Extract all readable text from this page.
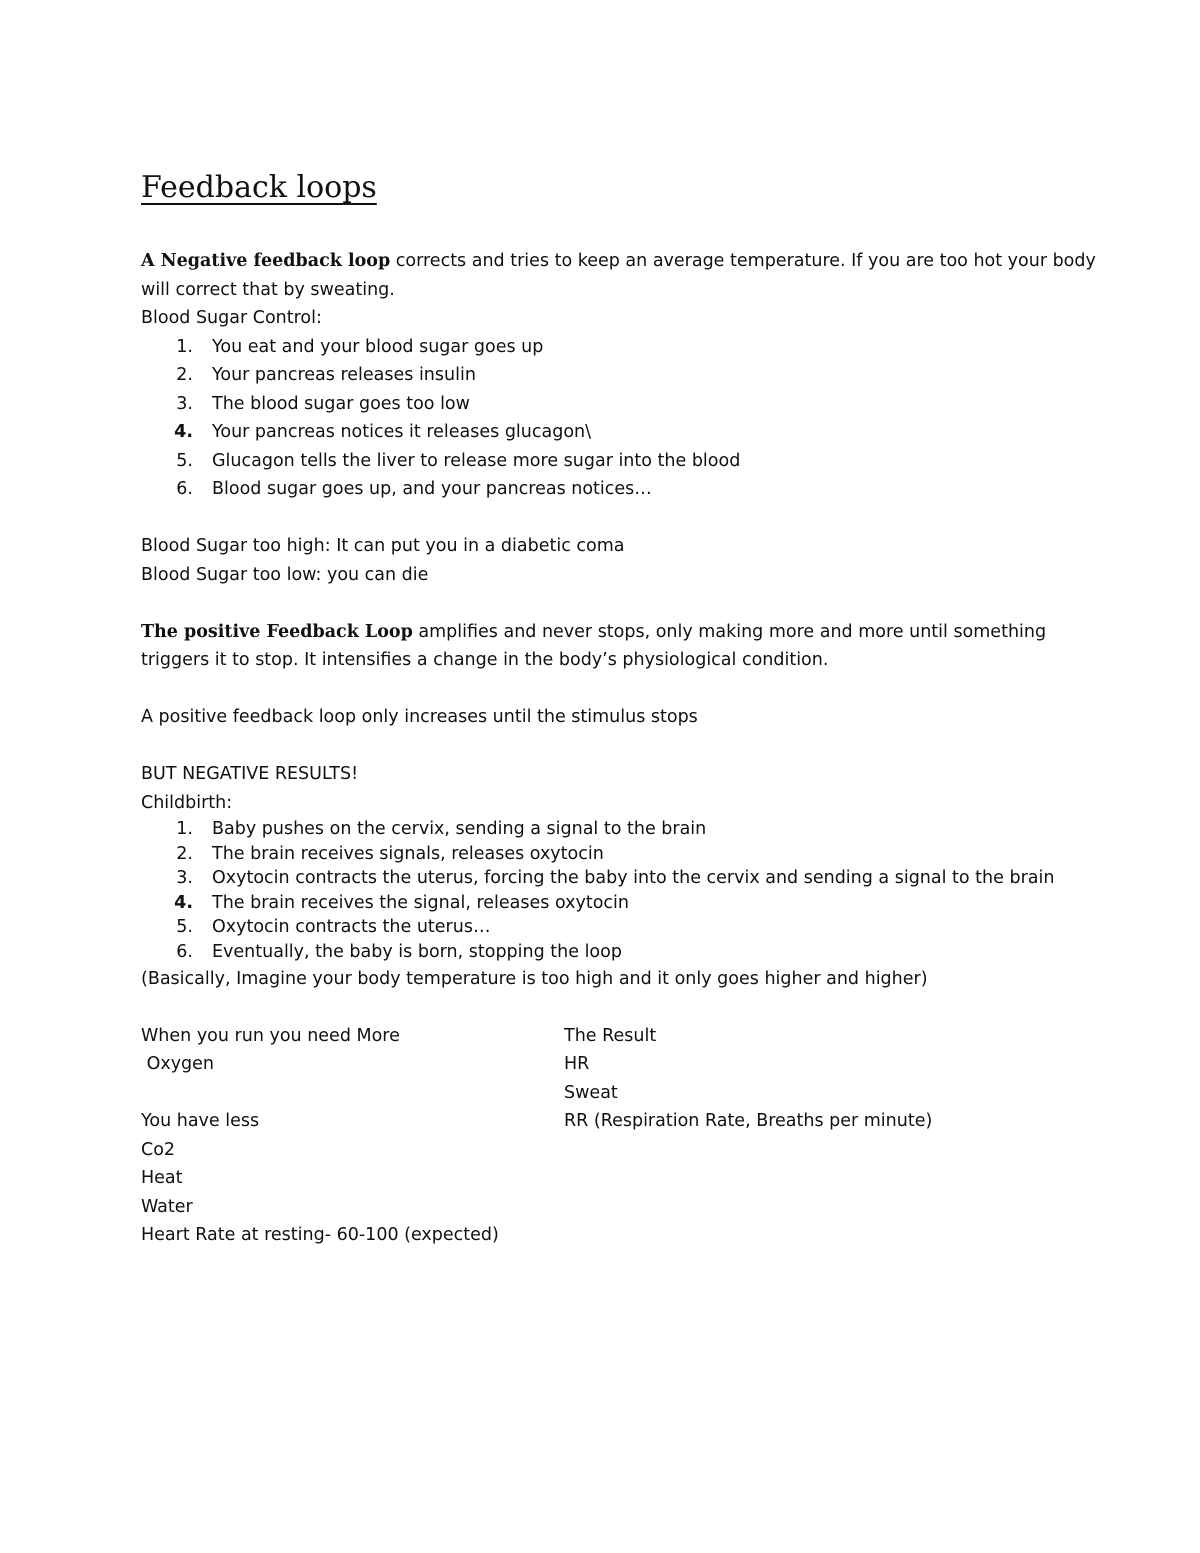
Feedback loops

A Negative feedback loop corrects and tries to keep an average temperature. If you are too hot your body

will correct that by sweating.

Blood Sugar Control:

1. You eat and your blood sugar goes up
2. Your pancreas releases insulin
3. The blood sugar goes too low
4. Your pancreas notices it releases glucagon\
5. Glucagon tells the liver to release more sugar into the blood
6. Blood sugar goes up, and your pancreas notices…

Blood Sugar too high: It can put you in a diabetic coma

Blood Sugar too low: you can die

The positive Feedback Loop amplifies and never stops, only making more and more until something

triggers it to stop. It intensifies a change in the body’s physiological condition.

A positive feedback loop only increases until the stimulus stops

BUT NEGATIVE RESULTS!

Childbirth:

1. Baby pushes on the cervix, sending a signal to the brain
2. The brain receives signals, releases oxytocin
3. Oxytocin contracts the uterus, forcing the baby into the cervix and sending a signal to the brain
4. The brain receives the signal, releases oxytocin
5. Oxytocin contracts the uterus…
6. Eventually, the baby is born, stopping the loop

(Basically, Imagine your body temperature is too high and it only goes higher and higher)

When you run you need More
Oxygen
You have less
Co2
Heat
Water
Heart Rate at resting- 60-100 (expected)
The Result
HR
Sweat
RR (Respiration Rate, Breaths per minute)
